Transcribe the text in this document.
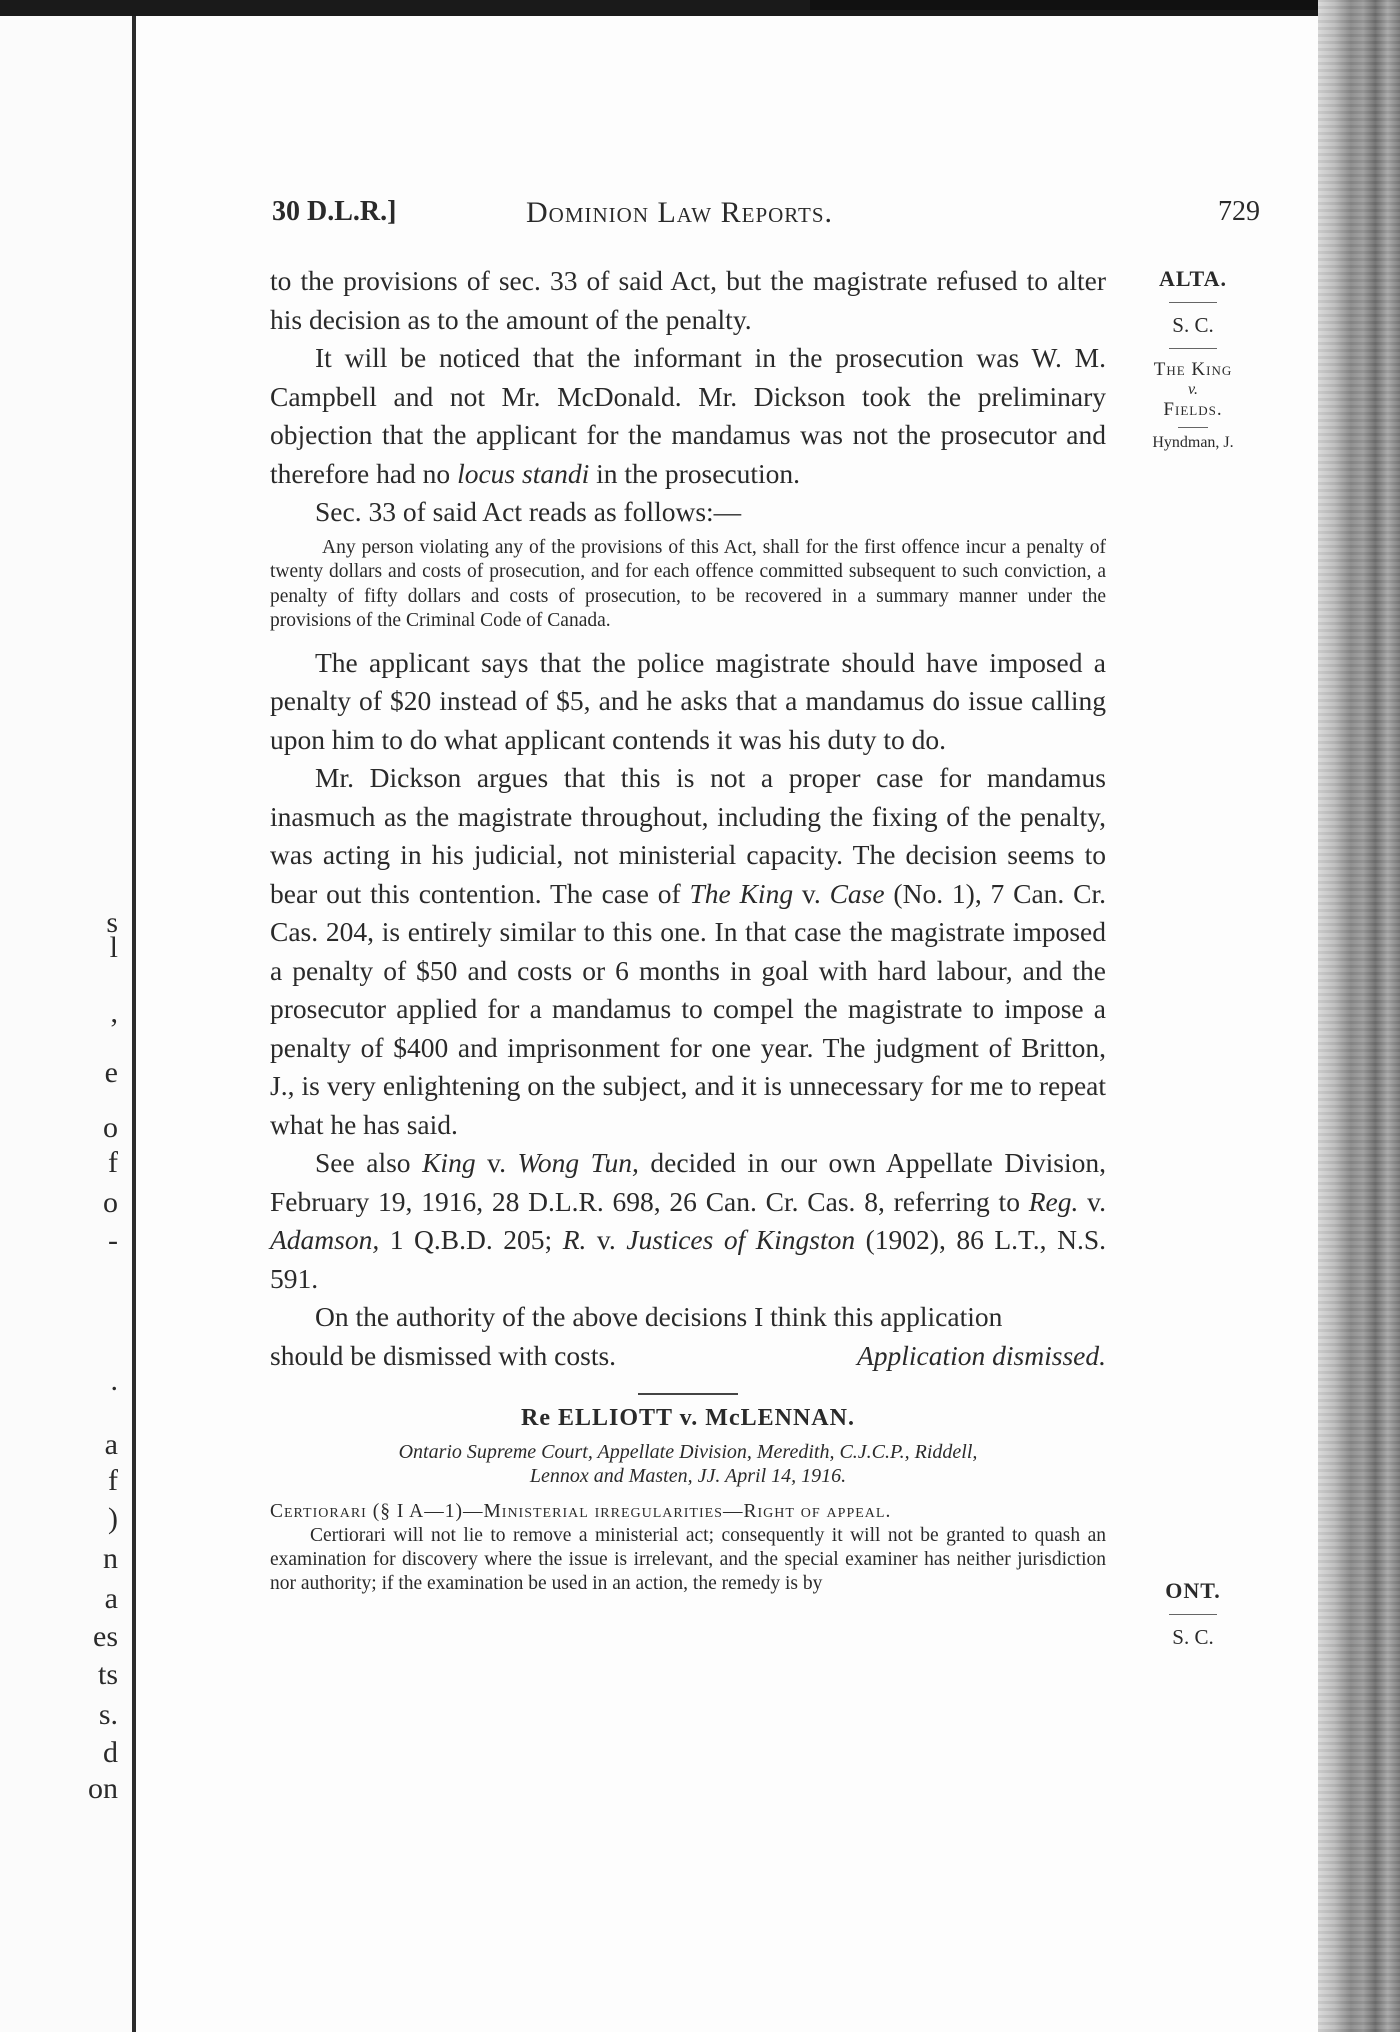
s
l
,
e
o
f
o
-
.
a
f
)
n
a
es
ts
s.
d
on
30 D.L.R.]	Dominion Law Reports.	729
ALTA.
S. C.
The King
v.
Fields.
Hyndman, J.

to the provisions of sec. 33 of said Act, but the magistrate refused to alter his decision as to the amount of the penalty.

It will be noticed that the informant in the prosecution was W. M. Campbell and not Mr. McDonald. Mr. Dickson took the preliminary objection that the applicant for the mandamus was not the prosecutor and therefore had no locus standi in the prosecution.

Sec. 33 of said Act reads as follows:—

Any person violating any of the provisions of this Act, shall for the first offence incur a penalty of twenty dollars and costs of prosecution, and for each offence committed subsequent to such conviction, a penalty of fifty dollars and costs of prosecution, to be recovered in a summary manner under the provisions of the Criminal Code of Canada.

The applicant says that the police magistrate should have imposed a penalty of $20 instead of $5, and he asks that a mandamus do issue calling upon him to do what applicant contends it was his duty to do.

Mr. Dickson argues that this is not a proper case for mandamus inasmuch as the magistrate throughout, including the fixing of the penalty, was acting in his judicial, not ministerial capacity. The decision seems to bear out this contention. The case of The King v. Case (No. 1), 7 Can. Cr. Cas. 204, is entirely similar to this one. In that case the magistrate imposed a penalty of $50 and costs or 6 months in goal with hard labour, and the prosecutor applied for a mandamus to compel the magistrate to impose a penalty of $400 and imprisonment for one year. The judgment of Britton, J., is very enlightening on the subject, and it is unnecessary for me to repeat what he has said.

See also King v. Wong Tun, decided in our own Appellate Division, February 19, 1916, 28 D.L.R. 698, 26 Can. Cr. Cas. 8, referring to Reg. v. Adamson, 1 Q.B.D. 205; R. v. Justices of Kingston (1902), 86 L.T., N.S. 591.

On the authority of the above decisions I think this application

should be dismissed with costs.	Application dismissed.
Re ELLIOTT v. McLENNAN.
Ontario Supreme Court, Appellate Division, Meredith, C.J.C.P., Riddell,
Lennox and Masten, JJ. April 14, 1916.

Certiorari (§ I A—1)—Ministerial irregularities—Right of appeal.
Certiorari will not lie to remove a ministerial act; consequently it will not be granted to quash an examination for discovery where the issue is irrelevant, and the special examiner has neither jurisdiction nor authority; if the examination be used in an action, the remedy is by	ONT.
S. C.
